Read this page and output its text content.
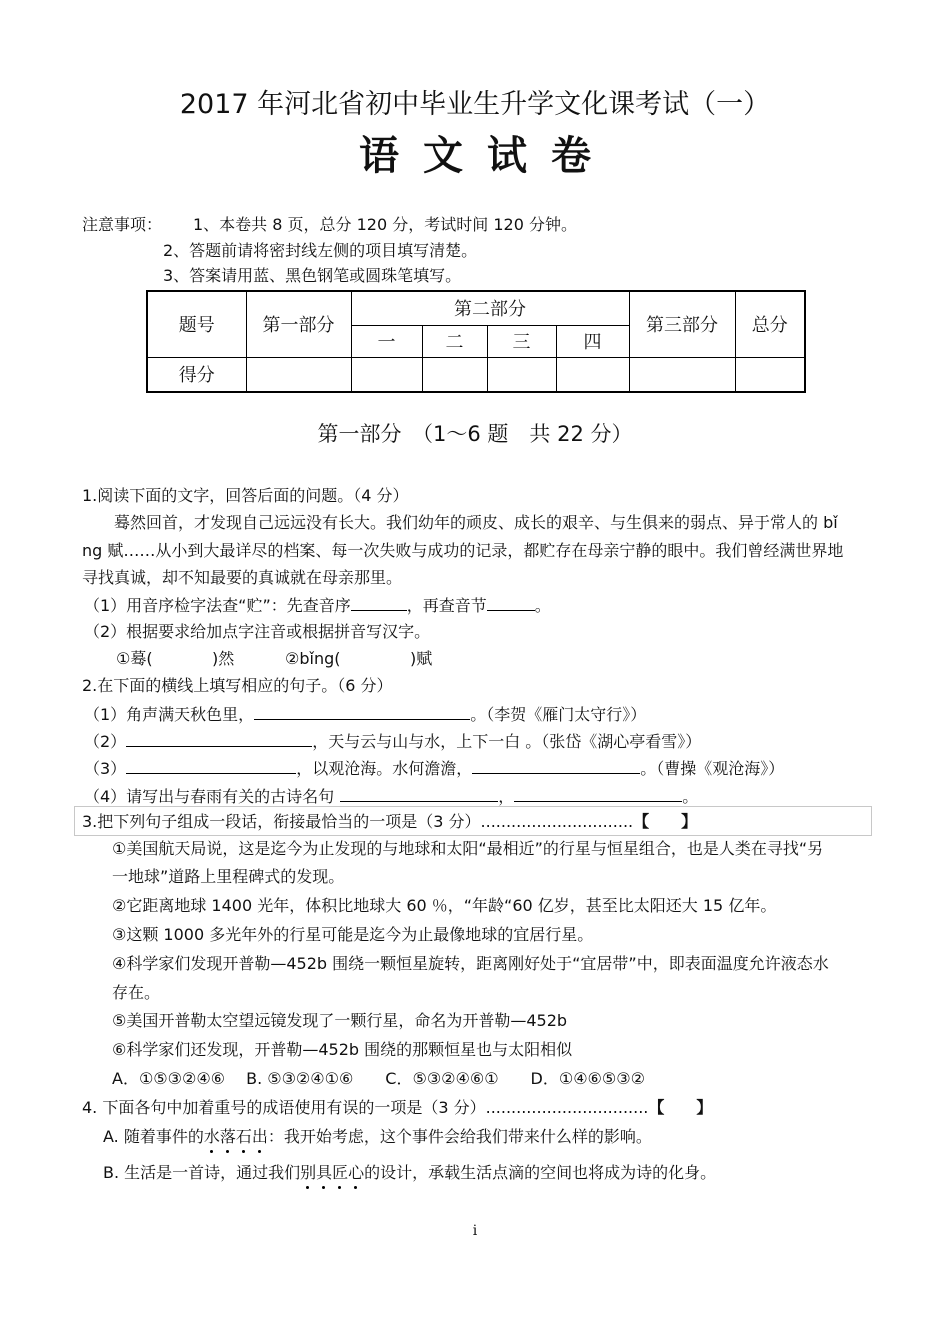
2017 年河北省初中毕业生升学文化课考试（一）
语文试卷
注意事项： 1、本卷共 8 页，总分 120 分，考试时间 120 分钟。
2、答题前请将密封线左侧的项目填写清楚。
3、答案请用蓝、黑色钢笔或圆珠笔填写。
题号	第一部分	第二部分				第三部分	总分
		一	二	三	四		
得分							
第一部分　（1～6 题　共 22 分）
1.阅读下面的文字，回答后面的问题。（4 分）
蓦然回首，才发现自己远远没有长大。我们幼年的顽皮、成长的艰辛、与生俱来的弱点、异于常人的 bǐ
ng 赋……从小到大最详尽的档案、每一次失败与成功的记录，都贮存在母亲宁静的眼中。我们曾经满世界地
寻找真诚，却不知最要的真诚就在母亲那里。
（1）用音序检字法查“贮”：先查音序	，再查音节	。
（2）根据要求给加点字注音或根据拼音写汉字。
①蓦(	)然	②bǐng(	)赋
2.在下面的横线上填写相应的句子。（6 分）
（1）角声满天秋色里，	。（李贺《雁门太守行》）
（2）	，天与云与山与水，上下一白 。（张岱《湖心亭看雪》）
（3）	，以观沧海。水何澹澹，	。（曹操《观沧海》）
（4）请写出与春雨有关的古诗名句	，	。
3.把下列句子组成一段话，衔接最恰当的一项是（3 分）..............................【　　】
①美国航天局说，这是迄今为止发现的与地球和太阳“最相近”的行星与恒星组合，也是人类在寻找“另
一地球”道路上里程碑式的发现。
②它距离地球 1400 光年，体积比地球大 60 ％，“年龄“60 亿岁，甚至比太阳还大 15 亿年。
③这颗 1000 多光年外的行星可能是迄今为止最像地球的宜居行星。
④科学家们发现开普勒—452b 围绕一颗恒星旋转，距离刚好处于“宜居带”中，即表面温度允许液态水
存在。
⑤美国开普勒太空望远镜发现了一颗行星，命名为开普勒—452b
⑥科学家们还发现，开普勒—452b 围绕的那颗恒星也与太阳相似
A．①⑤③②④⑥　 B. ⑤③②④①⑥　　C．⑤③②④⑥①　　D．①④⑥⑤③②
4. 下面各句中加着重号的成语使用有误的一项是（3 分）................................【　　】
A. 随着事件的水落石出
：我开始考虑，这个事件会给我们带来什么样的影响。
B. 生活是一首诗，通过我们别具匠心
的设计，承载生活点滴的空间也将成为诗的化身。
i
